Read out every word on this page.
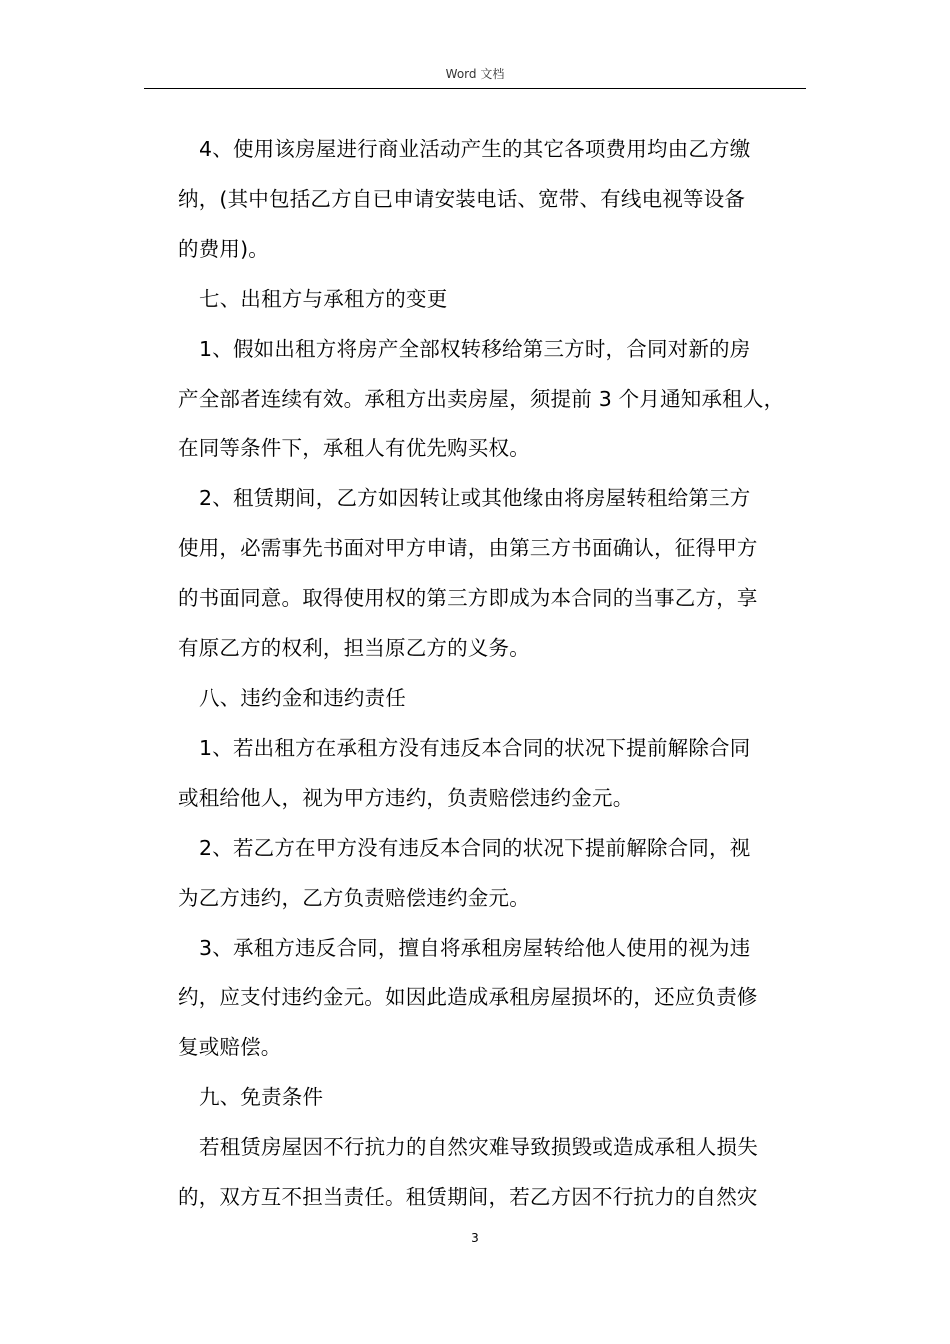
Word 文档

4、使用该房屋进行商业活动产生的其它各项费用均由乙方缴
纳，(其中包括乙方自已申请安装电话、宽带、有线电视等设备
的费用)。

七、出租方与承租方的变更

1、假如出租方将房产全部权转移给第三方时，合同对新的房
产全部者连续有效。承租方出卖房屋，须提前 3 个月通知承租人，
在同等条件下，承租人有优先购买权。

2、租赁期间，乙方如因转让或其他缘由将房屋转租给第三方
使用，必需事先书面对甲方申请，由第三方书面确认，征得甲方
的书面同意。取得使用权的第三方即成为本合同的当事乙方，享
有原乙方的权利，担当原乙方的义务。

八、违约金和违约责任

1、若出租方在承租方没有违反本合同的状况下提前解除合同
或租给他人，视为甲方违约，负责赔偿违约金元。

2、若乙方在甲方没有违反本合同的状况下提前解除合同，视
为乙方违约，乙方负责赔偿违约金元。

3、承租方违反合同，擅自将承租房屋转给他人使用的视为违
约，应支付违约金元。如因此造成承租房屋损坏的，还应负责修
复或赔偿。

九、免责条件

若租赁房屋因不行抗力的自然灾难导致损毁或造成承租人损失
的，双方互不担当责任。租赁期间，若乙方因不行抗力的自然灾

3
